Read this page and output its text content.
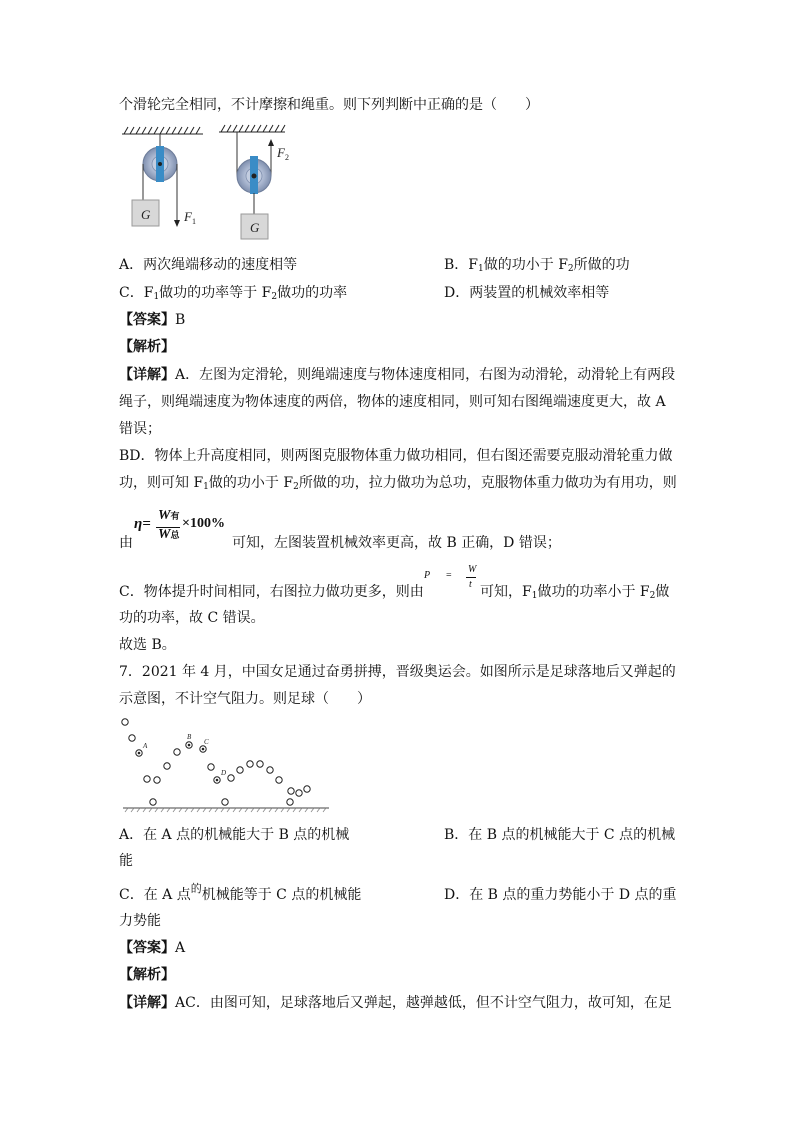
个滑轮完全相同，不计摩擦和绳重。则下列判断中正确的是（　　）
G	F 1	G
F 2
A．两次绳端移动的速度相等	B．$F_1$做的功小于 $F_2$所做的功
C．$F_1$做功的功率等于 $F_2$做功的功率	D．两装置的机械效率相等
【答案】B
【解析】
【详解】A．左图为定滑轮，则绳端速度与物体速度相同，右图为动滑轮，动滑轮上有两段
绳子，则绳端速度为物体速度的两倍，物体的速度相同，则可知右图绳端速度更大，故 A
错误；
BD．物体上升高度相同，则两图克服物体重力做功相同，但右图还需要克服动滑轮重力做
功，则可知 $F_1$做的功小于 $F_2$所做的功，拉力做功为总功，克服物体重力做功为有用功，则
η=
W有
W总
×100%
由	可知，左图装置机械效率更高，故 B 正确，D 错误；
P =
W
t
C．物体提升时间相同，右图拉力做功更多，则由	可知，$F_1$做功的功率小于 $F_2$做
功的功率，故 C 错误。
故选 B。
7．2021 年 4 月，中国女足通过奋勇拼搏，晋级奥运会。如图所示是足球落地后又弹起的
示意图，不计空气阻力。则足球（　　）
A
B
C
D
A．在 A 点的机械能大于 B 点的机械
能
B．在 B 点的机械能大于 C 点的机械
C．在 A 点$^的$机械能等于 C 点的机械能	D．在 B 点的重力势能小于 D 点的重
力势能
【答案】A
【解析】
【详解】AC．由图可知，足球落地后又弹起，越弹越低，但不计空气阻力，故可知，在足
